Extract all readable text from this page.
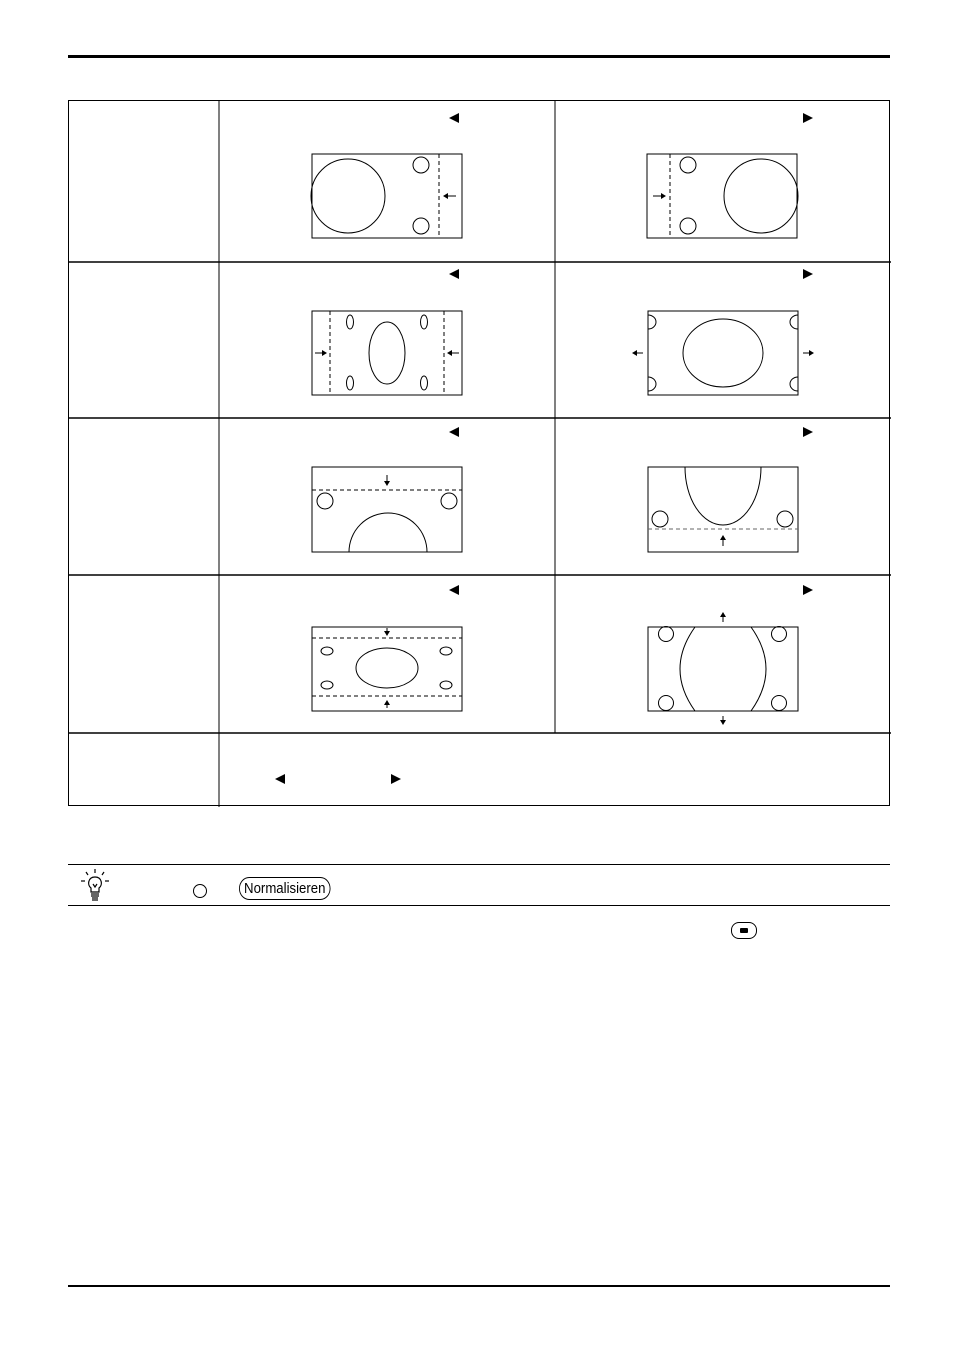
Normalisieren
